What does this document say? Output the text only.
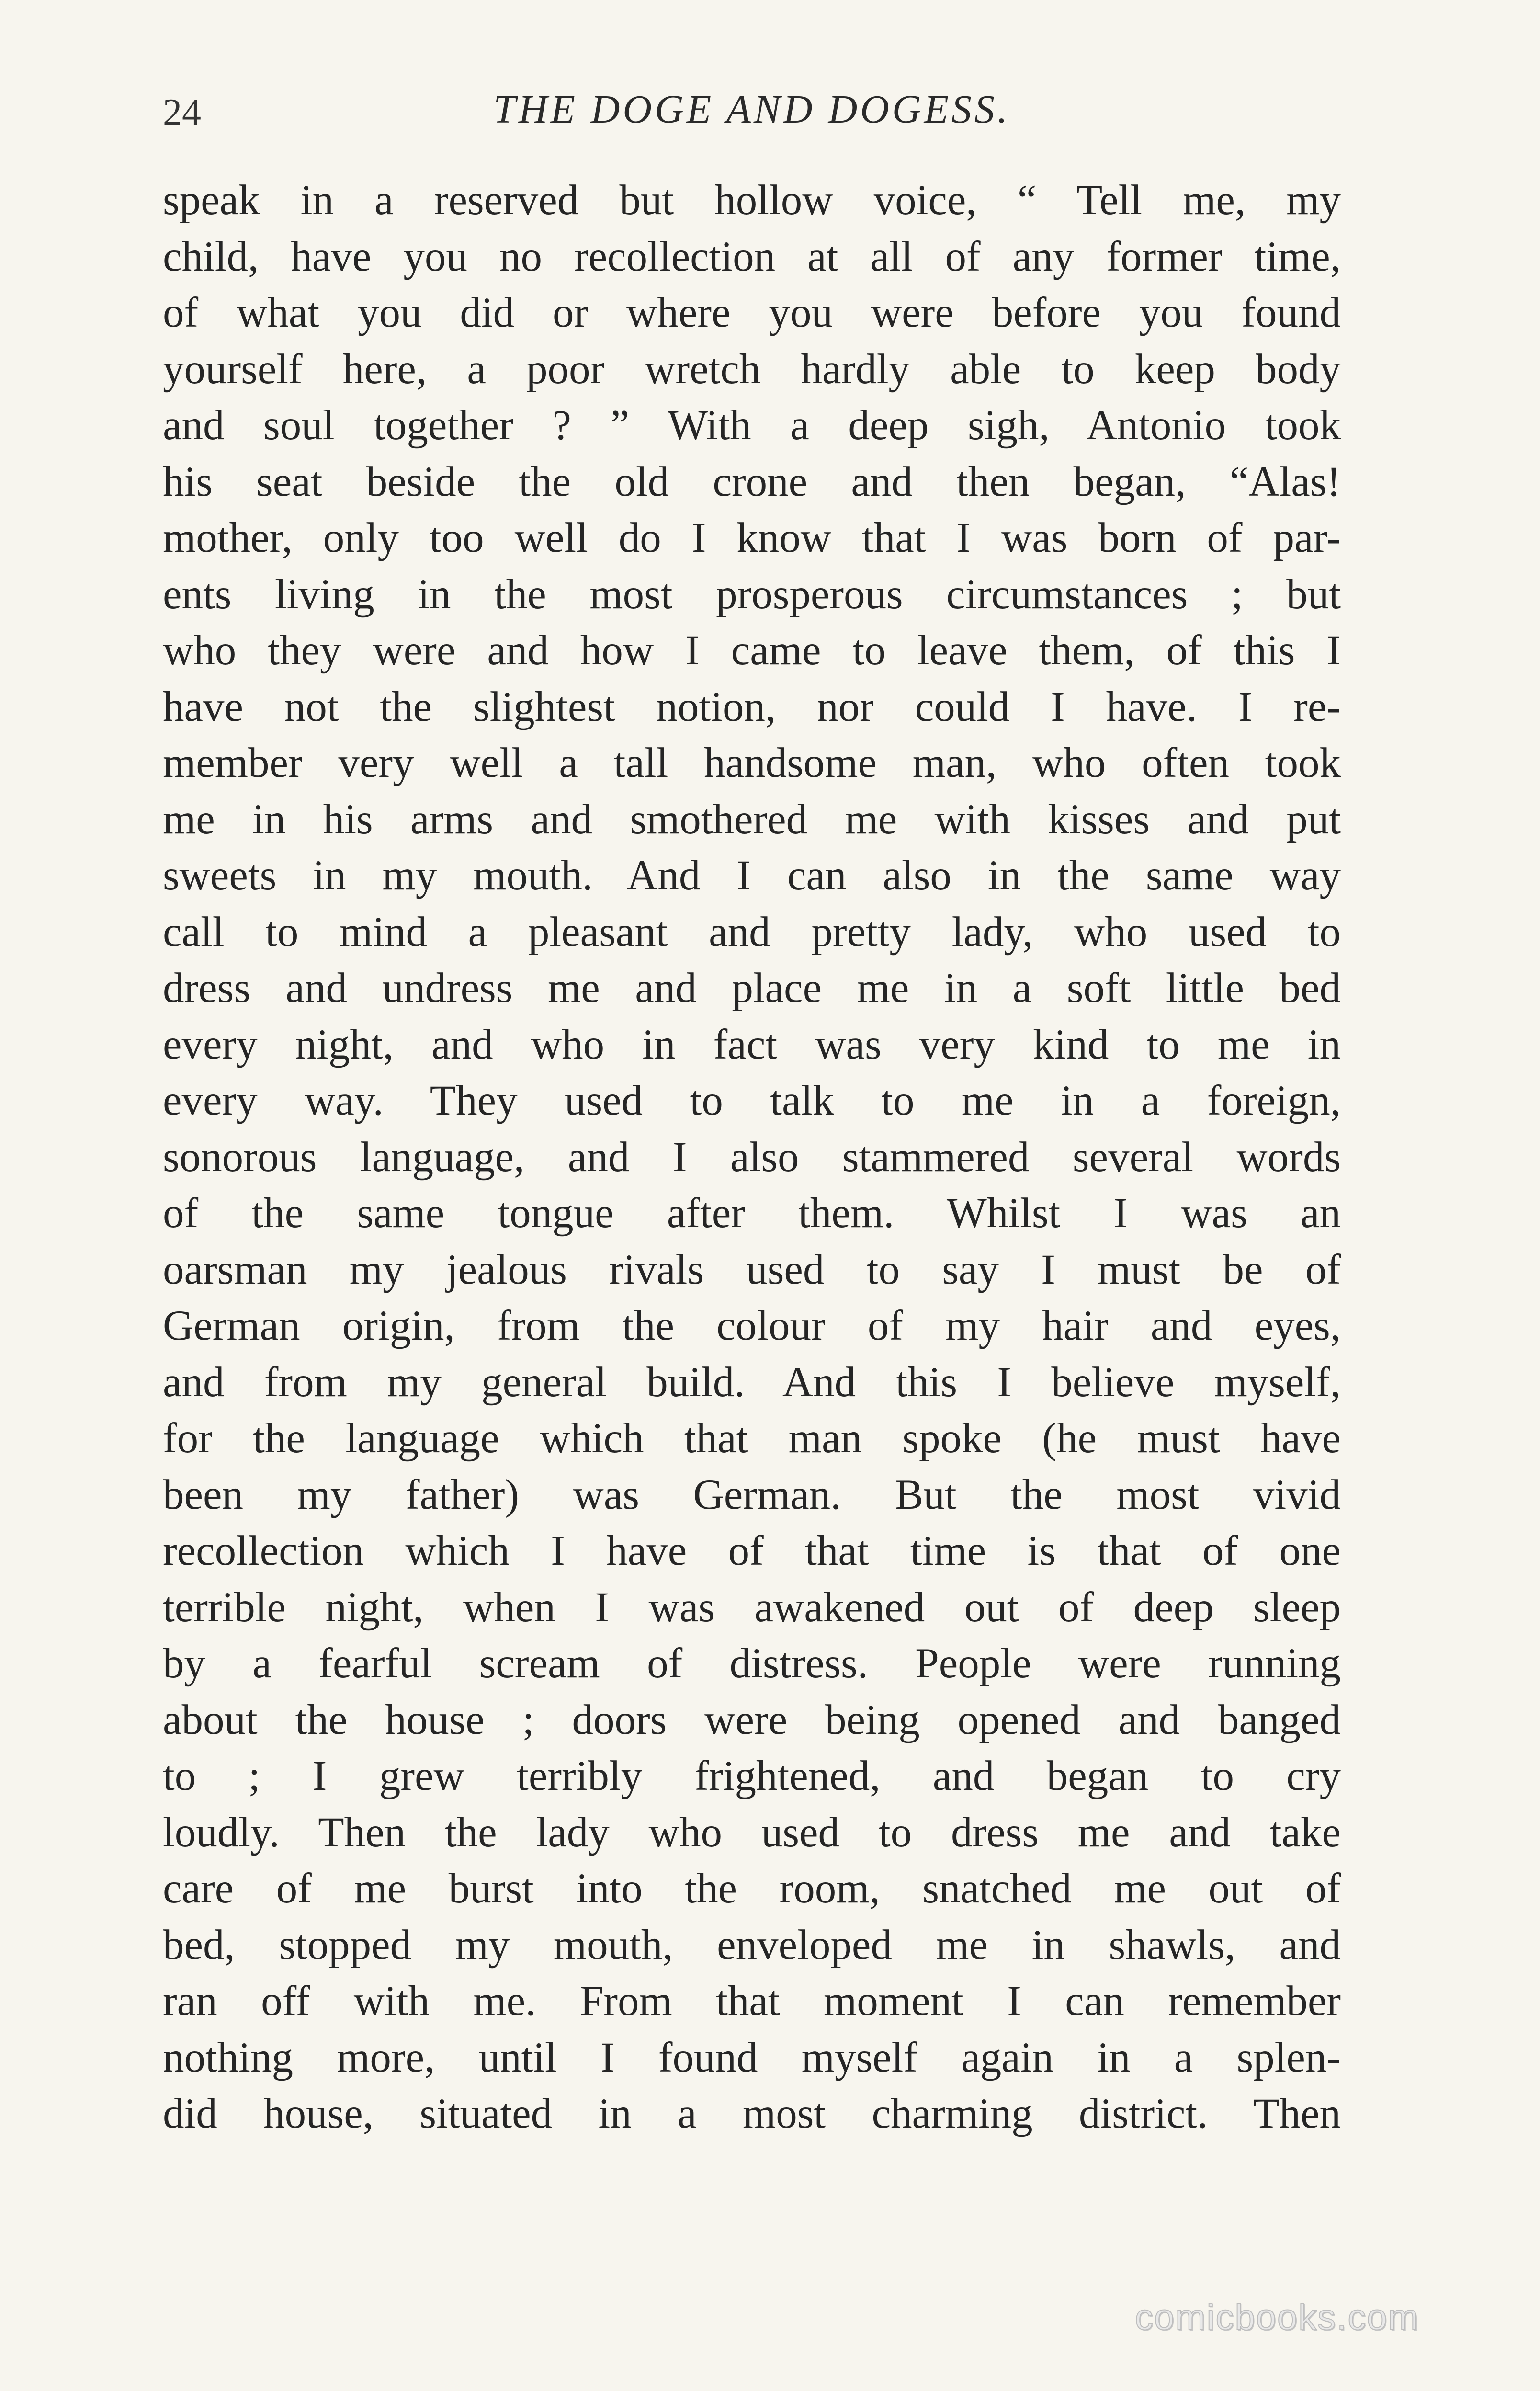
24	THE DOGE AND DOGESS.
speak in a reserved but hollow voice, “ Tell me, my
child, have you no recollection at all of any former time,
of what you did or where you were before you found
yourself here, a poor wretch hardly able to keep body
and soul together ? ” With a deep sigh, Antonio took
his seat beside the old crone and then began, “Alas!
mother, only too well do I know that I was born of par-
ents living in the most prosperous circumstances ; but
who they were and how I came to leave them, of this I
have not the slightest notion, nor could I have. I re-
member very well a tall handsome man, who often took
me in his arms and smothered me with kisses and put
sweets in my mouth. And I can also in the same way
call to mind a pleasant and pretty lady, who used to
dress and undress me and place me in a soft little bed
every night, and who in fact was very kind to me in
every way. They used to talk to me in a foreign,
sonorous language, and I also stammered several words
of the same tongue after them. Whilst I was an
oarsman my jealous rivals used to say I must be of
German origin, from the colour of my hair and eyes,
and from my general build. And this I believe myself,
for the language which that man spoke (he must have
been my father) was German. But the most vivid
recollection which I have of that time is that of one
terrible night, when I was awakened out of deep sleep
by a fearful scream of distress. People were running
about the house ; doors were being opened and banged
to ; I grew terribly frightened, and began to cry
loudly. Then the lady who used to dress me and take
care of me burst into the room, snatched me out of
bed, stopped my mouth, enveloped me in shawls, and
ran off with me. From that moment I can remember
nothing more, until I found myself again in a splen-
did house, situated in a most charming district. Then
comicbooks.com
